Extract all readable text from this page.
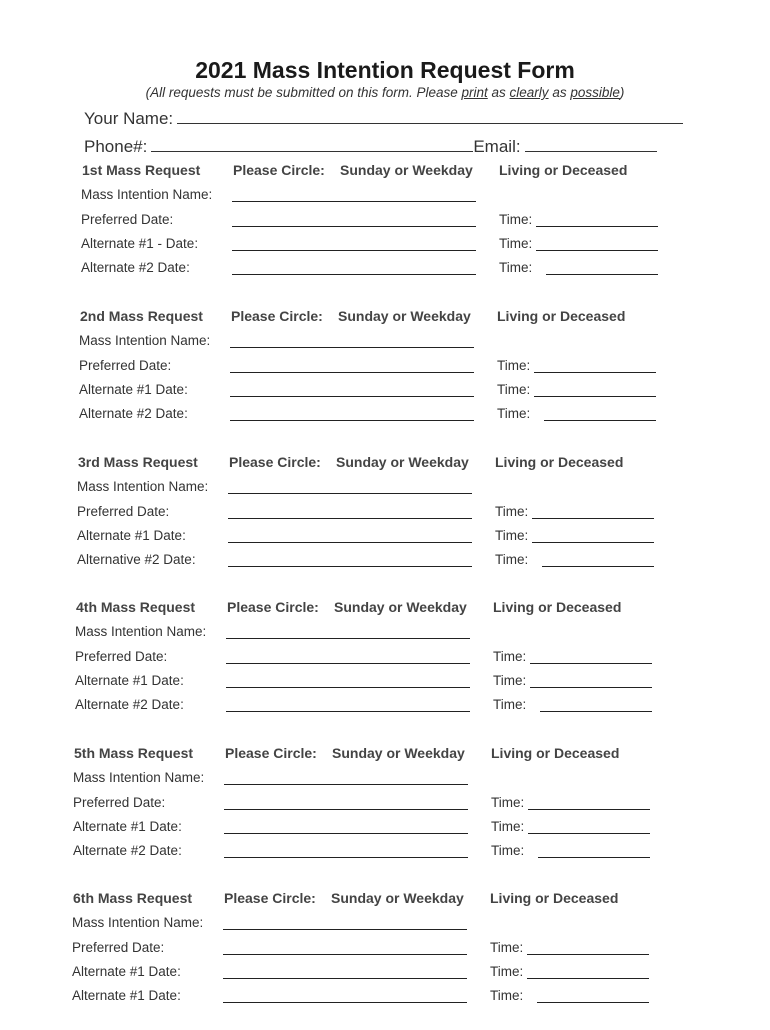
2021 Mass Intention Request Form
(All requests must be submitted on this form. Please print as clearly as possible)
Your Name:
Phone#:	Email:
1st Mass Request Please Circle: Sunday or Weekday Living or Deceased
Mass Intention Name:
Preferred Date:	Time:
Alternate #1 - Date:	Time:
Alternate #2 Date:	Time:
2nd Mass Request Please Circle: Sunday or Weekday Living or Deceased
Mass Intention Name:
Preferred Date:	Time:
Alternate #1 Date:	Time:
Alternate #2 Date:	Time:
3rd Mass Request Please Circle: Sunday or Weekday Living or Deceased
Mass Intention Name:
Preferred Date:	Time:
Alternate #1 Date:	Time:
Alternative #2 Date:	Time:
4th Mass Request Please Circle: Sunday or Weekday Living or Deceased
Mass Intention Name:
Preferred Date:	Time:
Alternate #1 Date:	Time:
Alternate #2 Date:	Time:
5th Mass Request Please Circle: Sunday or Weekday Living or Deceased
Mass Intention Name:
Preferred Date:	Time:
Alternate #1 Date:	Time:
Alternate #2 Date:	Time:
6th Mass Request Please Circle: Sunday or Weekday Living or Deceased
Mass Intention Name:
Preferred Date:	Time:
Alternate #1 Date:	Time:
Alternate #1 Date:	Time:
